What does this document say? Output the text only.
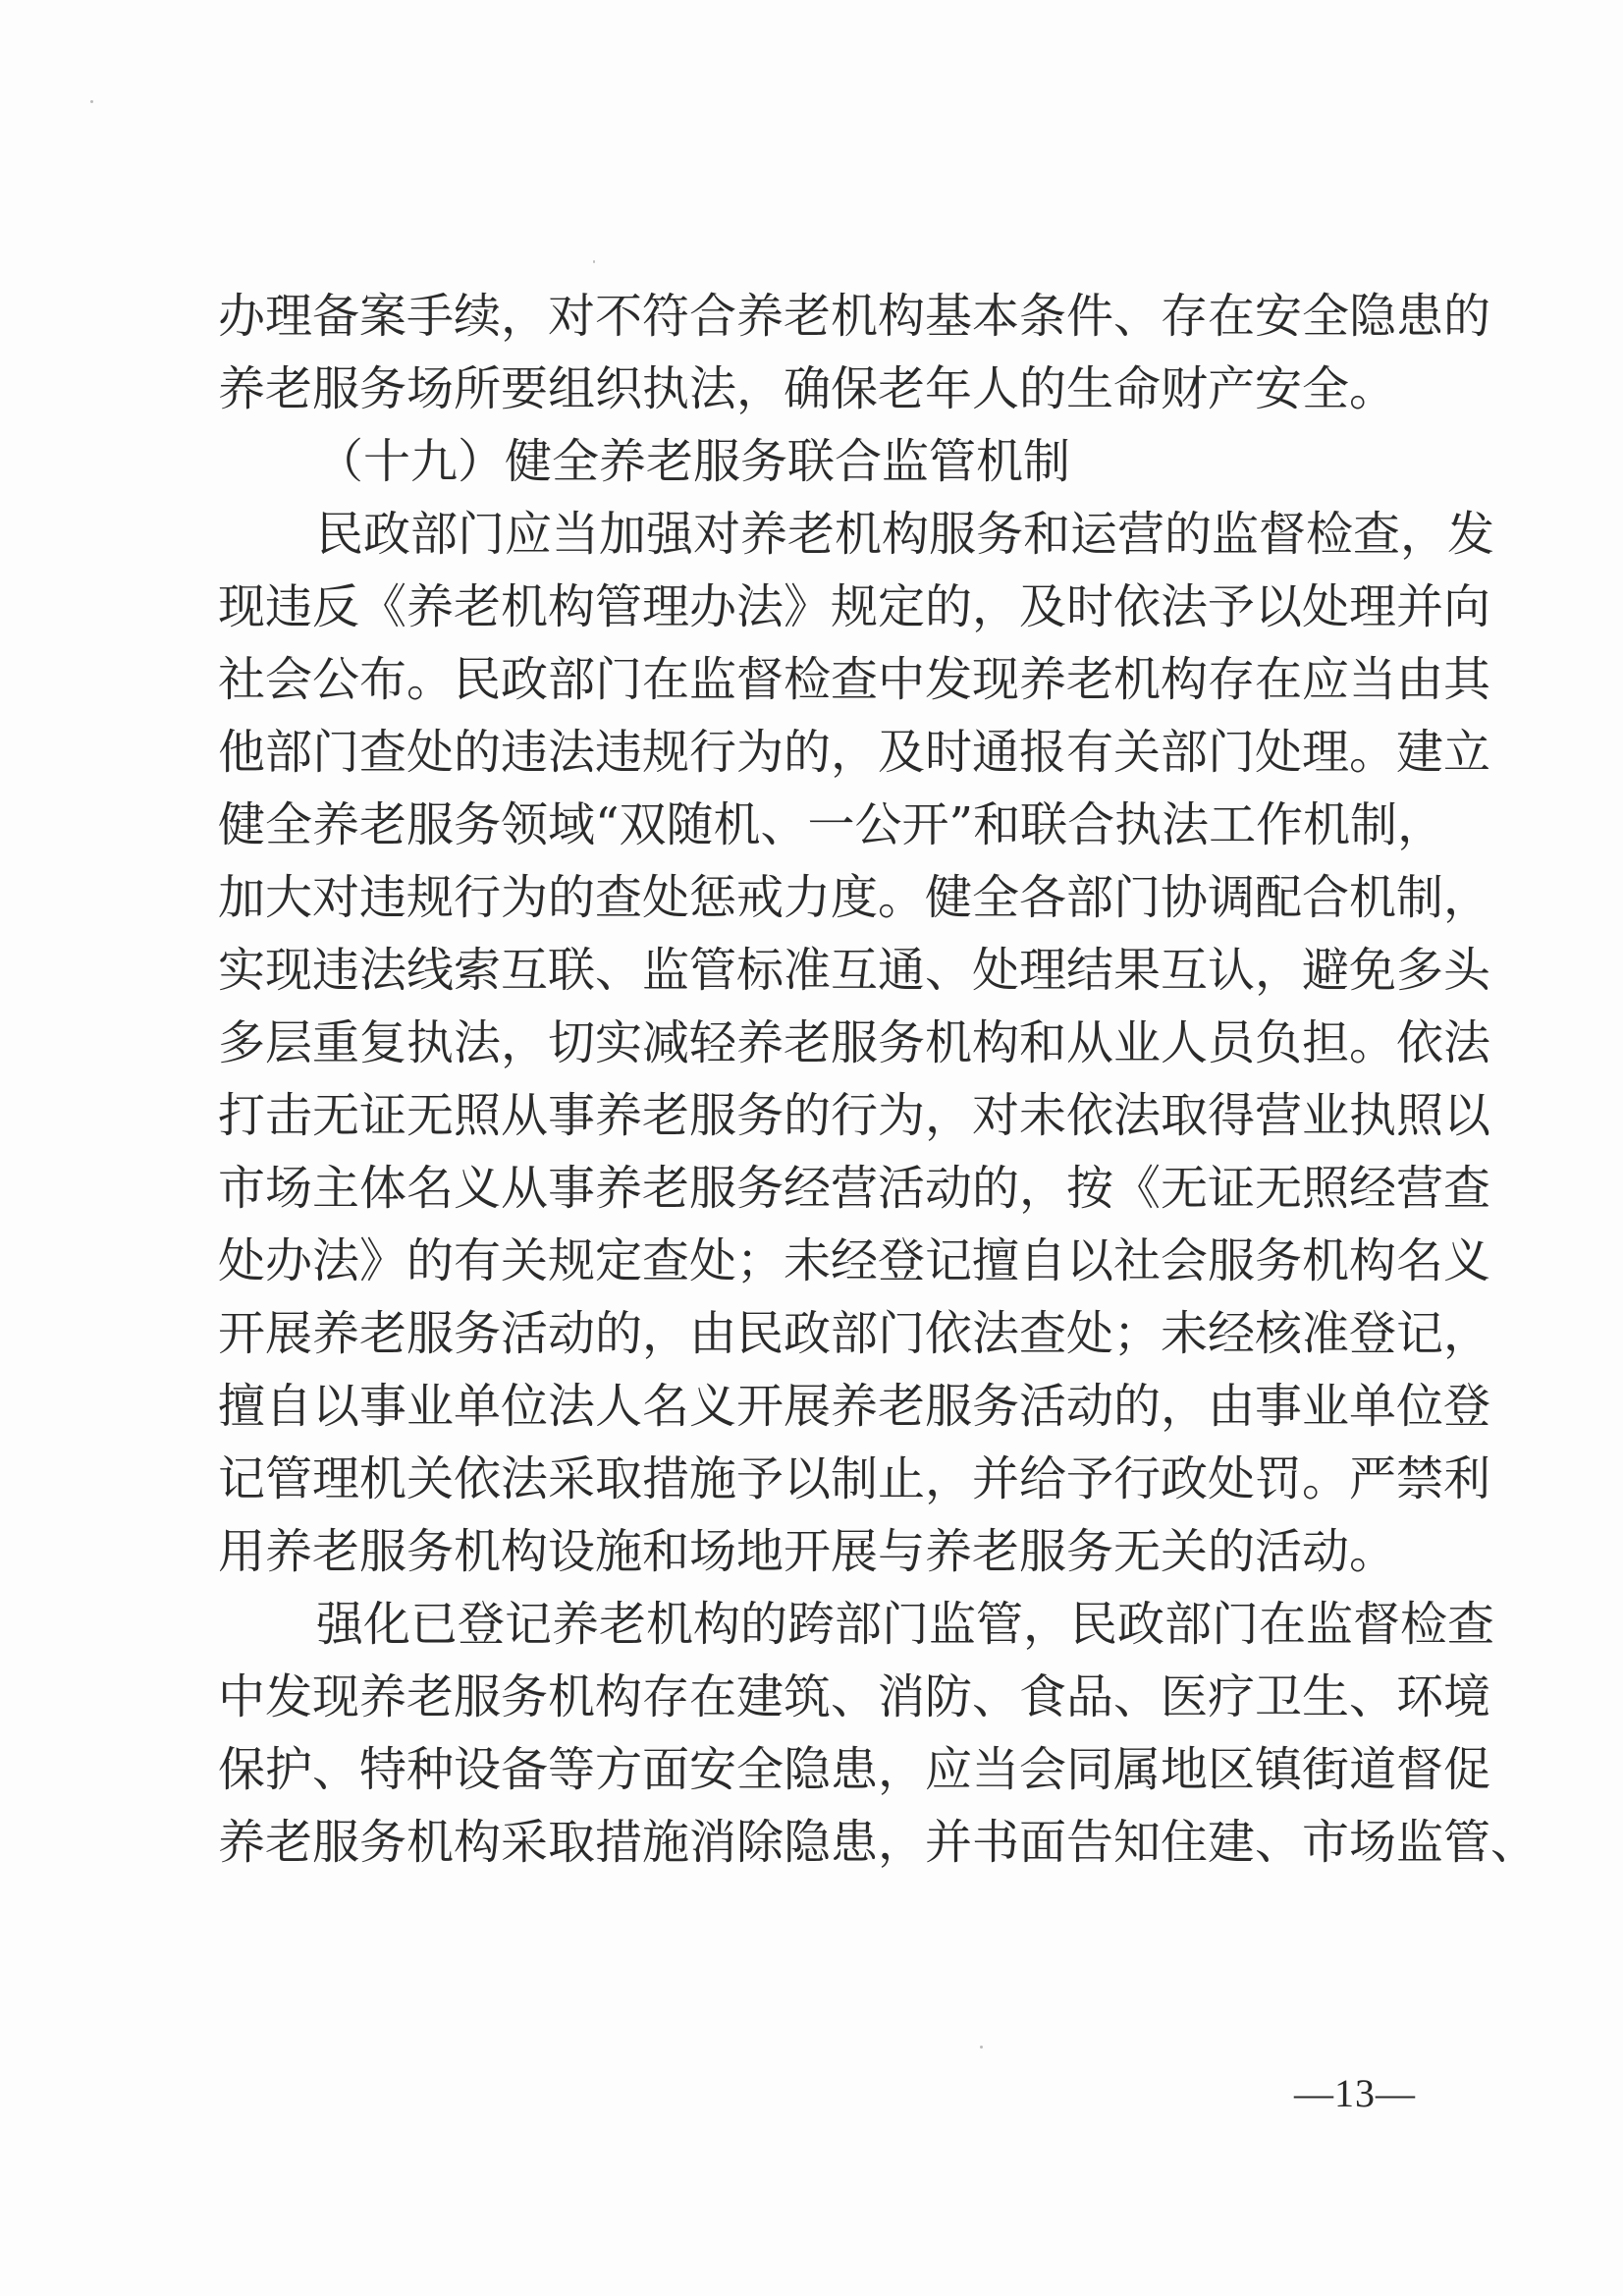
办理备案手续，对不符合养老机构基本条件、存在安全隐患的
养老服务场所要组织执法，确保老年人的生命财产安全。
（十九）健全养老服务联合监管机制
民政部门应当加强对养老机构服务和运营的监督检查，发
现违反《养老机构管理办法》规定的，及时依法予以处理并向
社会公布。民政部门在监督检查中发现养老机构存在应当由其
他部门查处的违法违规行为的，及时通报有关部门处理。建立
健全养老服务领域“双随机、一公开”和联合执法工作机制，
加大对违规行为的查处惩戒力度。健全各部门协调配合机制，
实现违法线索互联、监管标准互通、处理结果互认，避免多头
多层重复执法，切实减轻养老服务机构和从业人员负担。依法
打击无证无照从事养老服务的行为，对未依法取得营业执照以
市场主体名义从事养老服务经营活动的，按《无证无照经营查
处办法》的有关规定查处；未经登记擅自以社会服务机构名义
开展养老服务活动的，由民政部门依法查处；未经核准登记，
擅自以事业单位法人名义开展养老服务活动的，由事业单位登
记管理机关依法采取措施予以制止，并给予行政处罚。严禁利
用养老服务机构设施和场地开展与养老服务无关的活动。
强化已登记养老机构的跨部门监管，民政部门在监督检查
中发现养老服务机构存在建筑、消防、食品、医疗卫生、环境
保护、特种设备等方面安全隐患，应当会同属地区镇街道督促
养老服务机构采取措施消除隐患，并书面告知住建、市场监管、
—13—
